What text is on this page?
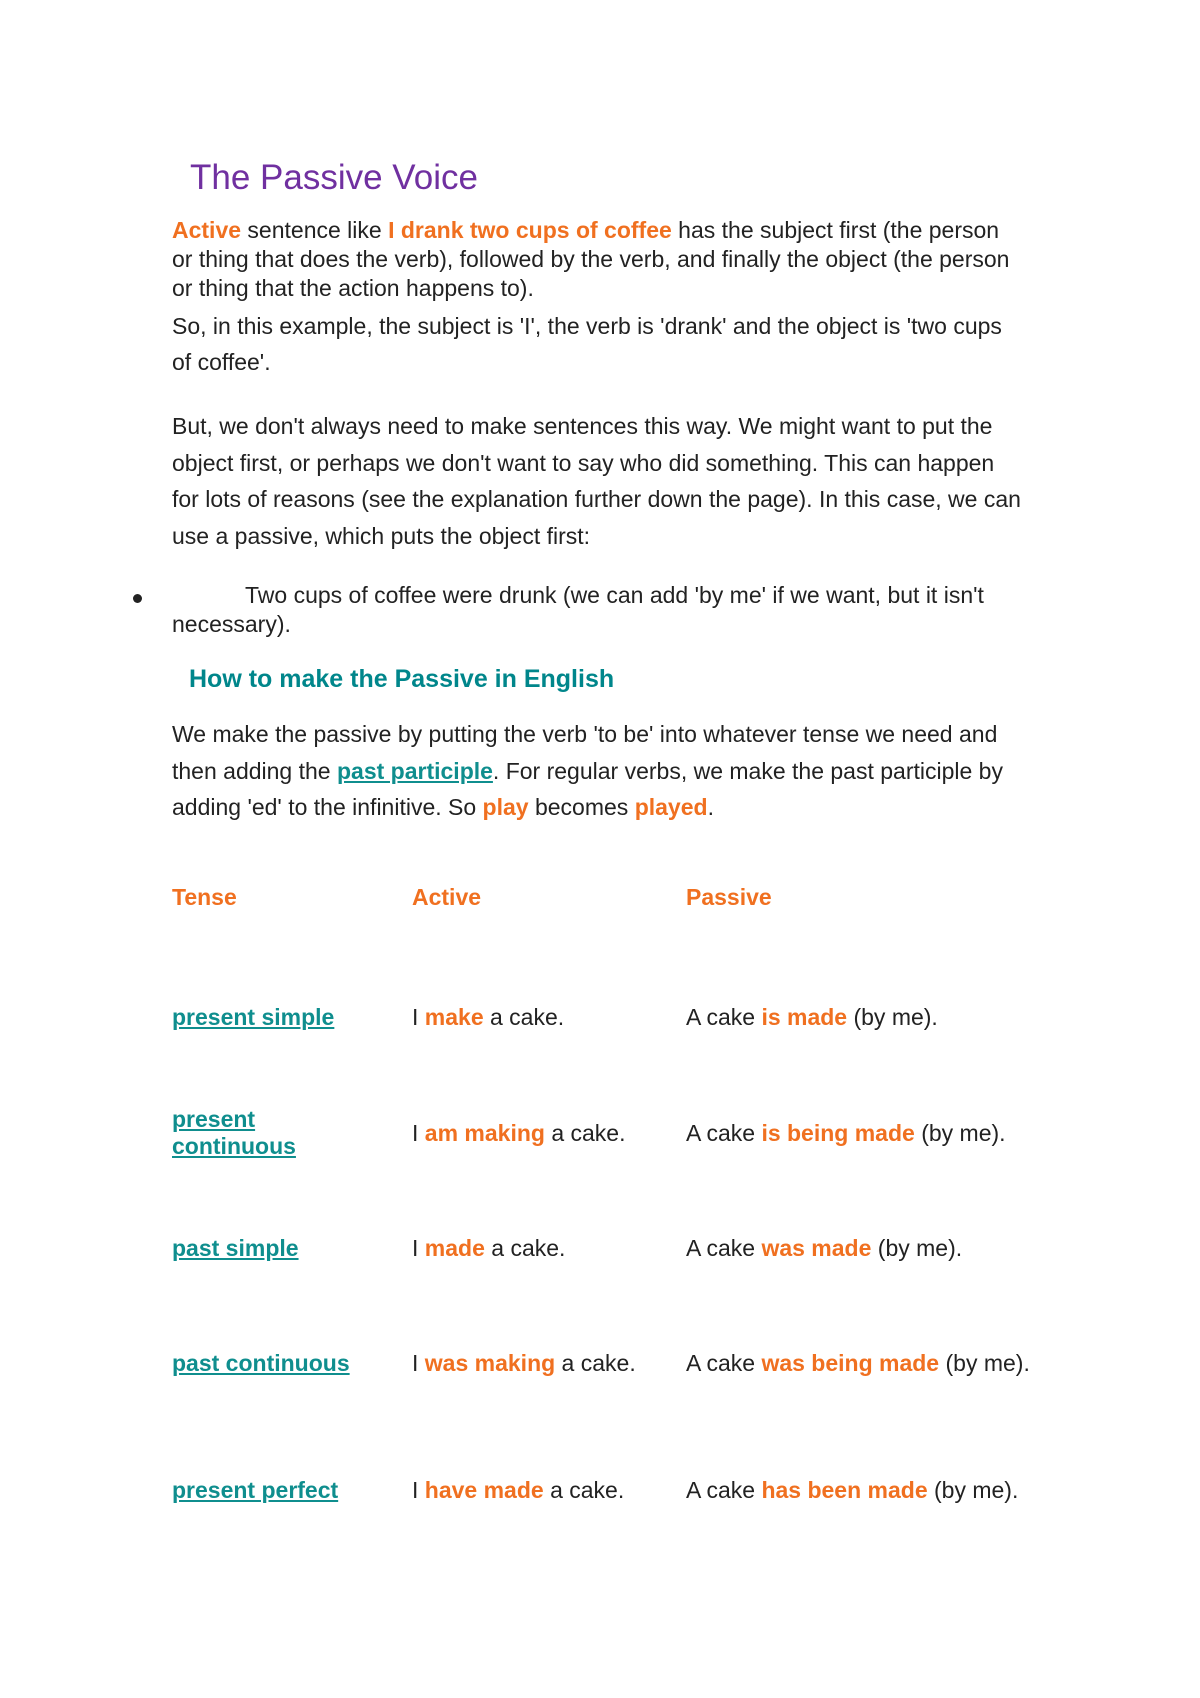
The Passive Voice

Active sentence like I drank two cups of coffee has the subject first (the person or thing that does the verb), followed by the verb, and finally the object (the person or thing that the action happens to).

So, in this example, the subject is 'I', the verb is 'drank' and the object is 'two cups of coffee'.

But, we don't always need to make sentences this way. We might want to put the object first, or perhaps we don't want to say who did something. This can happen for lots of reasons (see the explanation further down the page). In this case, we can use a passive, which puts the object first:

Two cups of coffee were drunk (we can add 'by me' if we want, but it isn't necessary).

How to make the Passive in English

We make the passive by putting the verb 'to be' into whatever tense we need and then adding the past participle. For regular verbs, we make the past participle by adding 'ed' to the infinitive. So play becomes played.

Tense	Active	Passive
present simple	I make a cake.	A cake is made (by me).
present continuous	I am making a cake.	A cake is being made (by me).
past simple	I made a cake.	A cake was made (by me).
past continuous	I was making a cake.	A cake was being made (by me).
present perfect	I have made a cake.	A cake has been made (by me).
